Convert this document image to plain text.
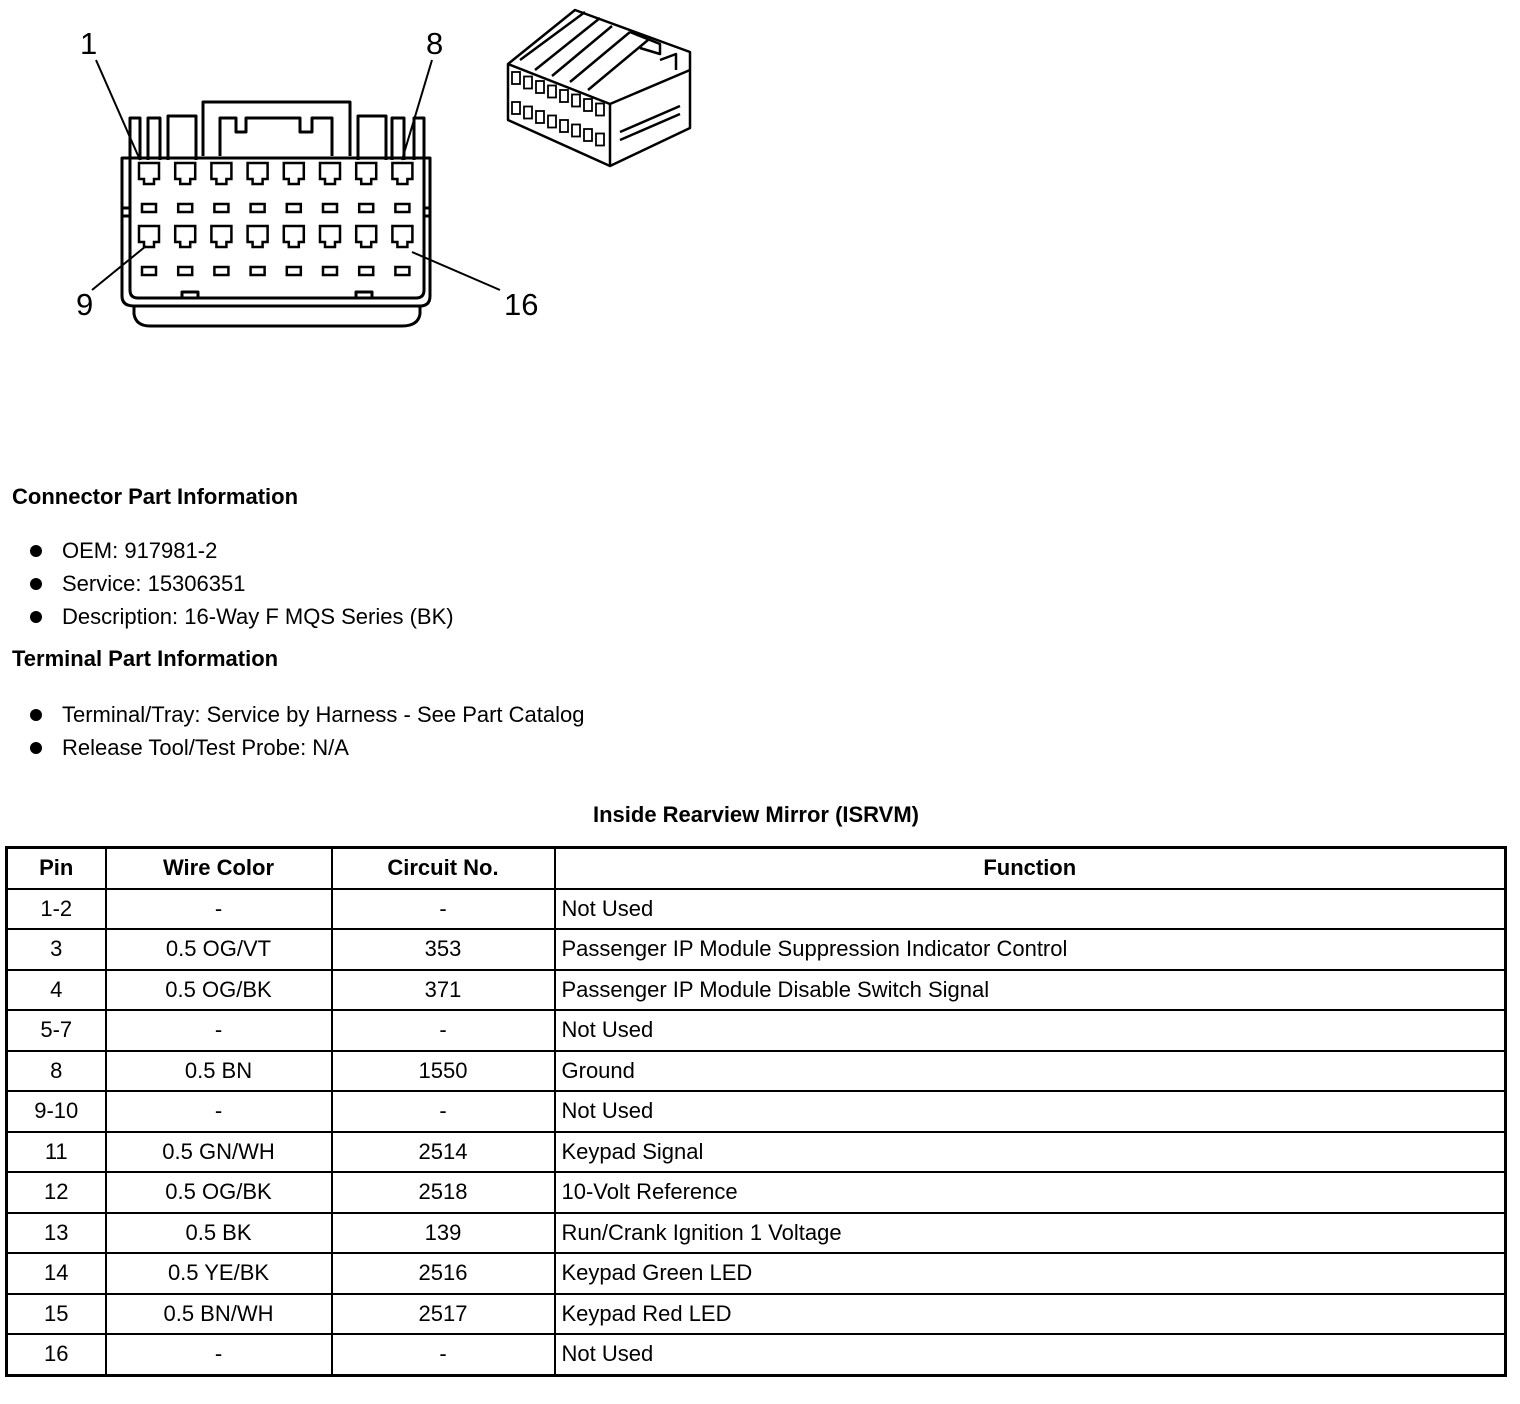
1	8
9	16
Connector Part Information
OEM: 917981-2
Service: 15306351
Description: 16-Way F MQS Series (BK)
Terminal Part Information
Terminal/Tray: Service by Harness - See Part Catalog
Release Tool/Test Probe: N/A
Inside Rearview Mirror (ISRVM)
Pin	Wire Color	Circuit No.	Function
1-2	-	-	Not Used
3	0.5 OG/VT	353	Passenger IP Module Suppression Indicator Control
4	0.5 OG/BK	371	Passenger IP Module Disable Switch Signal
5-7	-	-	Not Used
8	0.5 BN	1550	Ground
9-10	-	-	Not Used
11	0.5 GN/WH	2514	Keypad Signal
12	0.5 OG/BK	2518	10-Volt Reference
13	0.5 BK	139	Run/Crank Ignition 1 Voltage
14	0.5 YE/BK	2516	Keypad Green LED
15	0.5 BN/WH	2517	Keypad Red LED
16	-	-	Not Used
